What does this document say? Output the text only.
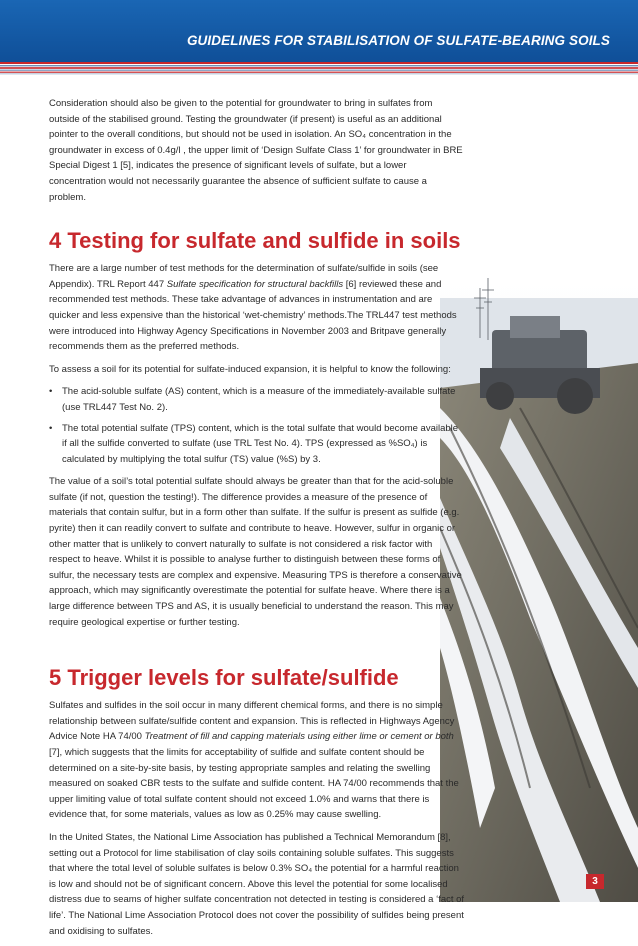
GUIDELINES FOR STABILISATION OF SULFATE-BEARING SOILS

Consideration should also be given to the potential for groundwater to bring in sulfates from outside of the stabilised ground. Testing the groundwater (if present) is useful as an additional pointer to the overall conditions, but should not be used in isolation. An SO₄ concentration in the groundwater in excess of 0.4g/l , the upper limit of ‘Design Sulfate Class 1’ for groundwater in BRE Special Digest 1 [5], indicates the presence of significant levels of sulfate, but a lower concentration would not necessarily guarantee the absence of sufficient sulfate to cause a problem.

4 Testing for sulfate and sulfide in soils

There are a large number of test methods for the determination of sulfate/sulfide in soils (see Appendix). TRL Report 447 Sulfate specification for structural backfills [6] reviewed these and recommended test methods. These take advantage of advances in instrumentation and are quicker and less expensive than the historical ‘wet-chemistry’ methods.The TRL447 test methods were introduced into Highway Agency Specifications in November 2003 and Britpave generally recommends them as the preferred methods.

To assess a soil for its potential for sulfate-induced expansion, it is helpful to know the following:

• The acid-soluble sulfate (AS) content, which is a measure of the immediately-available sulfate (use TRL447 Test No. 2).
• The total potential sulfate (TPS) content, which is the total sulfate that would become available if all the sulfide converted to sulfate (use TRL Test No. 4). TPS (expressed as %SO₄) is calculated by multiplying the total sulfur (TS) value (%S) by 3.

The value of a soil’s total potential sulfate should always be greater than that for the acid-soluble sulfate (if not, question the testing!). The difference provides a measure of the presence of materials that contain sulfur, but in a form other than sulfate. If the sulfur is present as sulfide (e.g. pyrite) then it can readily convert to sulfate and contribute to heave. However, sulfur in organic or other matter that is unlikely to convert naturally to sulfate is not considered a risk factor with respect to heave. Whilst it is possible to analyse further to distinguish between these forms of sulfur, the necessary tests are complex and expensive. Measuring TPS is therefore a conservative approach, which may significantly overestimate the potential for sulfate heave. Where there is a large difference between TPS and AS, it is usually beneficial to understand the reason. This may require geological expertise or further testing.

5 Trigger levels for sulfate/sulfide

Sulfates and sulfides in the soil occur in many different chemical forms, and there is no simple relationship between sulfate/sulfide content and expansion. This is reflected in Highways Agency Advice Note HA 74/00 Treatment of fill and capping materials using either lime or cement or both [7], which suggests that the limits for acceptability of sulfide and sulfate content should be determined on a site-by-site basis, by testing appropriate samples and relating the swelling measured on soaked CBR tests to the sulfate and sulfide content. HA 74/00 recommends that the upper limiting value of total sulfate content should not exceed 1.0% and warns that there is evidence that, for some materials, values as low as 0.25% may cause swelling.

In the United States, the National Lime Association has published a Technical Memorandum [8], setting out a Protocol for lime stabilisation of clay soils containing soluble sulfates. This suggests that where the total level of soluble sulfates is below 0.3% SO₄ the potential for a harmful reaction is low and should not be of significant concern. Above this level the potential for some localised distress due to seams of higher sulfate concentration not detected in testing is considered a ‘fact of life’. The National Lime Association Protocol does not cover the possibility of sulfides being present and oxidising to sulfates.

3
